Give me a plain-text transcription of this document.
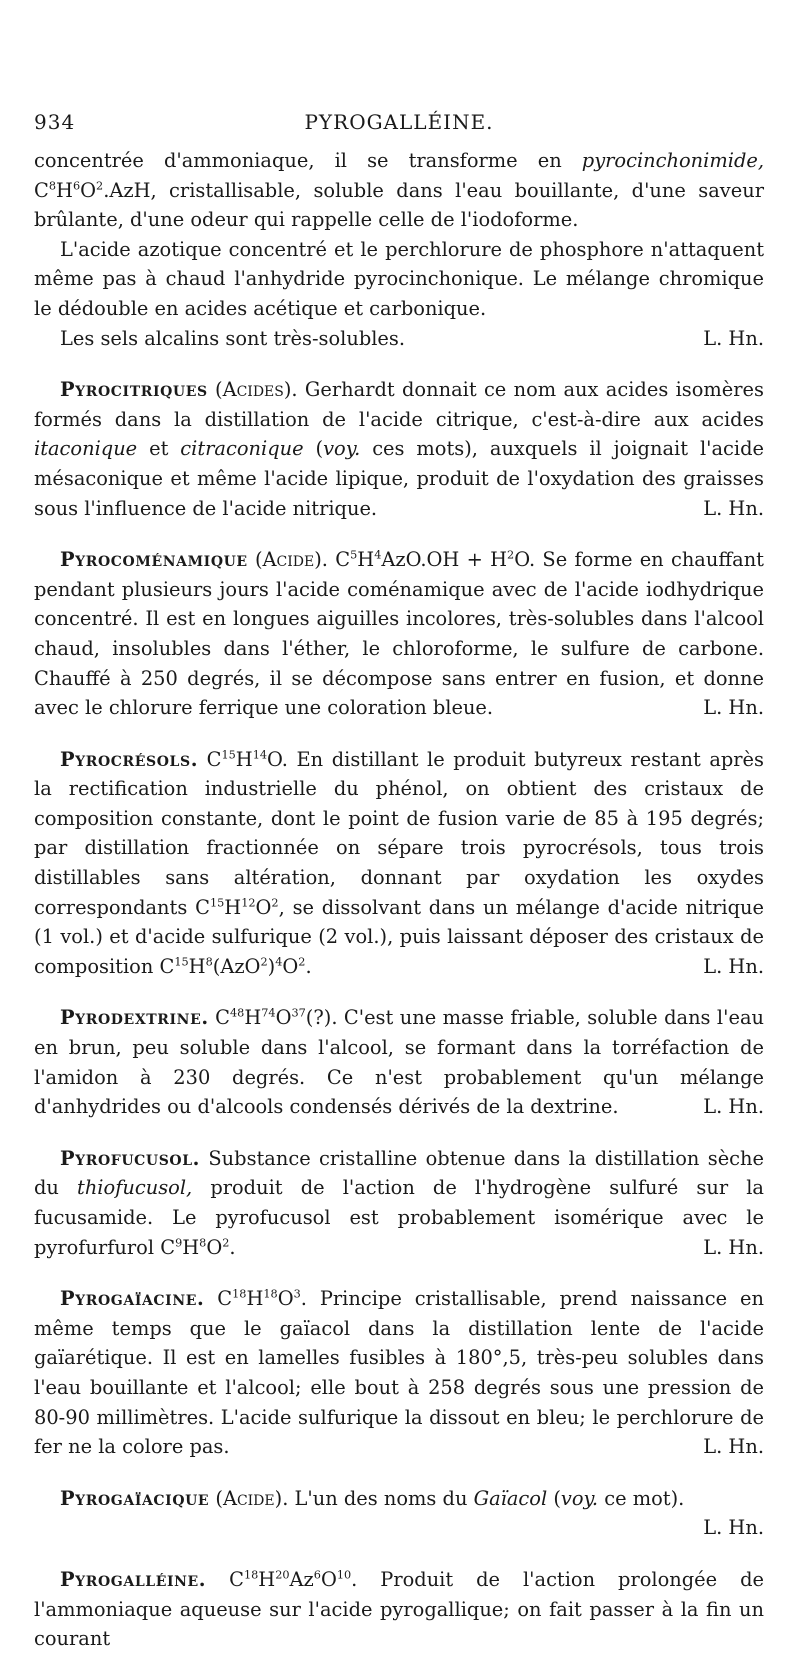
934	PYROGALLÉINE.

concentrée d'ammoniaque, il se transforme en pyrocinchonimide, $C^8H^6O^2.AzH$, cristallisable, soluble dans l'eau bouillante, d'une saveur brûlante, d'une odeur qui rappelle celle de l'iodoforme.

L'acide azotique concentré et le perchlorure de phosphore n'attaquent même pas à chaud l'anhydride pyrocinchonique. Le mélange chromique le dédouble en acides acétique et carbonique.

Les sels alcalins sont très-solubles.	L. Hn.

Pyrocitriques (Acides). Gerhardt donnait ce nom aux acides isomères formés dans la distillation de l'acide citrique, c'est-à-dire aux acides itaconique et citraconique (voy. ces mots), auxquels il joignait l'acide mésaconique et même l'acide lipique, produit de l'oxydation des graisses sous l'influence de l'acide nitrique.	L. Hn.

Pyrocoménamique (Acide). $C^5H^4AzO.OH + H^2O$. Se forme en chauffant pendant plusieurs jours l'acide coménamique avec de l'acide iodhydrique concentré. Il est en longues aiguilles incolores, très-solubles dans l'alcool chaud, insolubles dans l'éther, le chloroforme, le sulfure de carbone. Chauffé à 250 degrés, il se décompose sans entrer en fusion, et donne avec le chlorure ferrique une coloration bleue.	L. Hn.

Pyrocrésols. $C^{15}H^{14}O$. En distillant le produit butyreux restant après la rectification industrielle du phénol, on obtient des cristaux de composition constante, dont le point de fusion varie de 85 à 195 degrés; par distillation fractionnée on sépare trois pyrocrésols, tous trois distillables sans altération, donnant par oxydation les oxydes correspondants $C^{15}H^{12}O^2$, se dissolvant dans un mélange d'acide nitrique (1 vol.) et d'acide sulfurique (2 vol.), puis laissant déposer des cristaux de composition $C^{15}H^8(AzO^2)^4O^2$.	L. Hn.

Pyrodextrine. $C^{48}H^{74}O^{37}(?)$. C'est une masse friable, soluble dans l'eau en brun, peu soluble dans l'alcool, se formant dans la torréfaction de l'amidon à 230 degrés. Ce n'est probablement qu'un mélange d'anhydrides ou d'alcools condensés dérivés de la dextrine.	L. Hn.

Pyrofucusol. Substance cristalline obtenue dans la distillation sèche du thiofucusol, produit de l'action de l'hydrogène sulfuré sur la fucusamide. Le pyrofucusol est probablement isomérique avec le pyrofurfurol $C^9H^8O^2$.	L. Hn.

Pyrogaïacine. $C^{18}H^{18}O^3$. Principe cristallisable, prend naissance en même temps que le gaïacol dans la distillation lente de l'acide gaïarétique. Il est en lamelles fusibles à 180°,5, très-peu solubles dans l'eau bouillante et l'alcool; elle bout à 258 degrés sous une pression de 80-90 millimètres. L'acide sulfurique la dissout en bleu; le perchlorure de fer ne la colore pas.	L. Hn.

Pyrogaïacique (Acide). L'un des noms du Gaïacol (voy. ce mot).

L. Hn.

Pyrogalléine. $C^{18}H^{20}Az^6O^{10}$. Produit de l'action prolongée de l'ammoniaque aqueuse sur l'acide pyrogallique; on fait passer à la fin un courant
